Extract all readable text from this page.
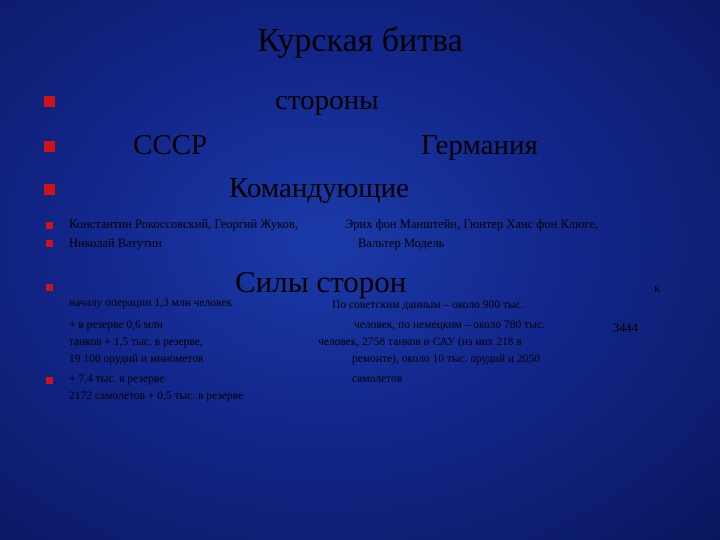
Курская битва
стороны
СССР	Германия
Командующие
Константин Рокоссовский, Георгий Жуков,
Николай Ватутин
Эрих фон Манштейн, Гюнтер Ханс фон Клюге,
Вальтер Модель
Силы сторон	к
началу операции 1,3 млн человек
+ в резерве 0,6 млн
танков + 1,5 тыс. в резерве,
19 100 орудий и минометов
+ 7,4 тыс. в резерве
2172 самолетов + 0,5 тыс. в резерве
По советским данным – около 900 тыс.
человек, по немецким – около 780 тыс.
человек, 2758 танков и САУ (из них 218 в
ремонте), около 10 тыс. орудий и 2050
самолетов
3444
